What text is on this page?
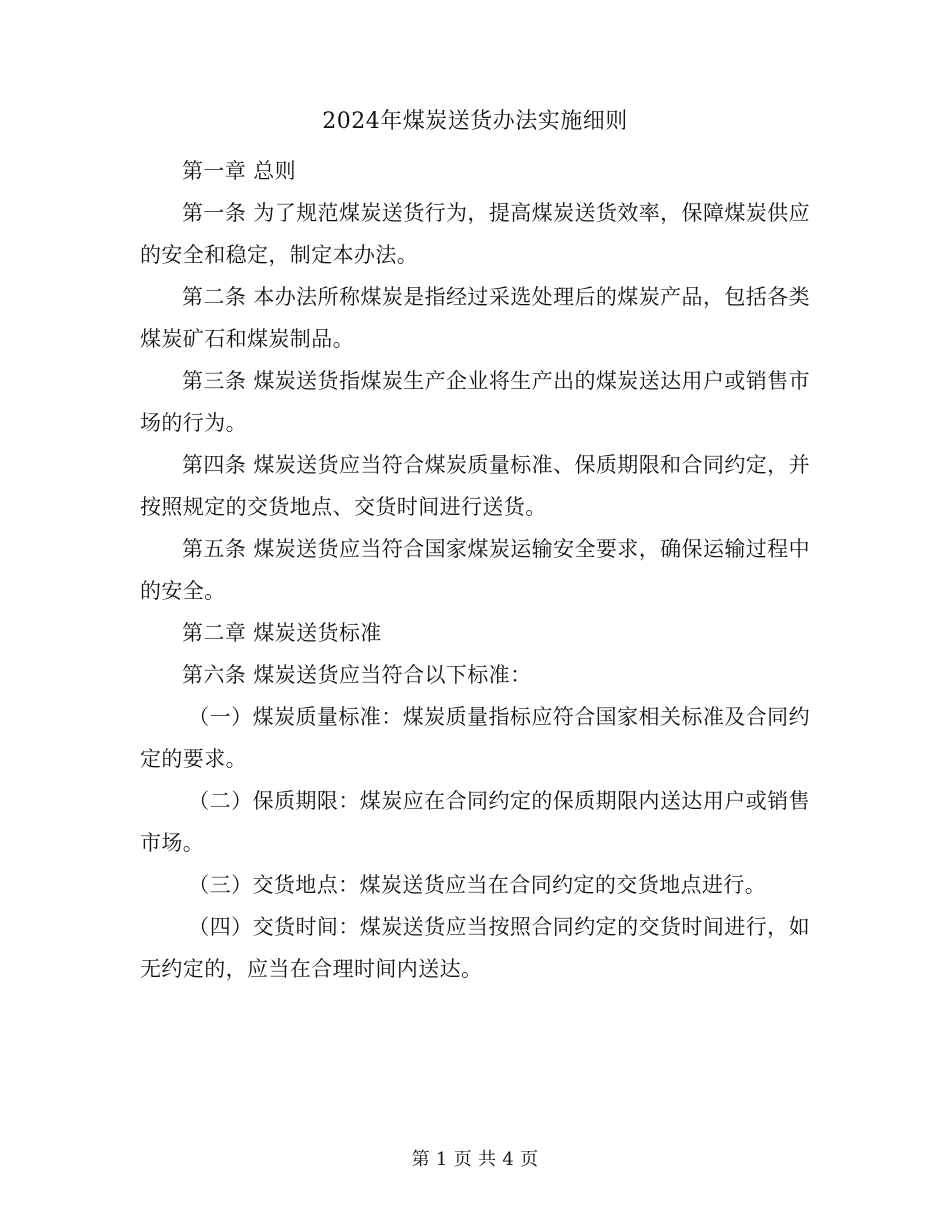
2024年煤炭送货办法实施细则

第一章 总则

第一条 为了规范煤炭送货行为，提高煤炭送货效率，保障煤炭供应的安全和稳定，制定本办法。

第二条 本办法所称煤炭是指经过采选处理后的煤炭产品，包括各类煤炭矿石和煤炭制品。

第三条 煤炭送货指煤炭生产企业将生产出的煤炭送达用户或销售市场的行为。

第四条 煤炭送货应当符合煤炭质量标准、保质期限和合同约定，并按照规定的交货地点、交货时间进行送货。

第五条 煤炭送货应当符合国家煤炭运输安全要求，确保运输过程中的安全。

第二章 煤炭送货标准

第六条 煤炭送货应当符合以下标准：

（一）煤炭质量标准：煤炭质量指标应符合国家相关标准及合同约定的要求。

（二）保质期限：煤炭应在合同约定的保质期限内送达用户或销售市场。

（三）交货地点：煤炭送货应当在合同约定的交货地点进行。

（四）交货时间：煤炭送货应当按照合同约定的交货时间进行，如无约定的，应当在合理时间内送达。

第 1 页 共 4 页
